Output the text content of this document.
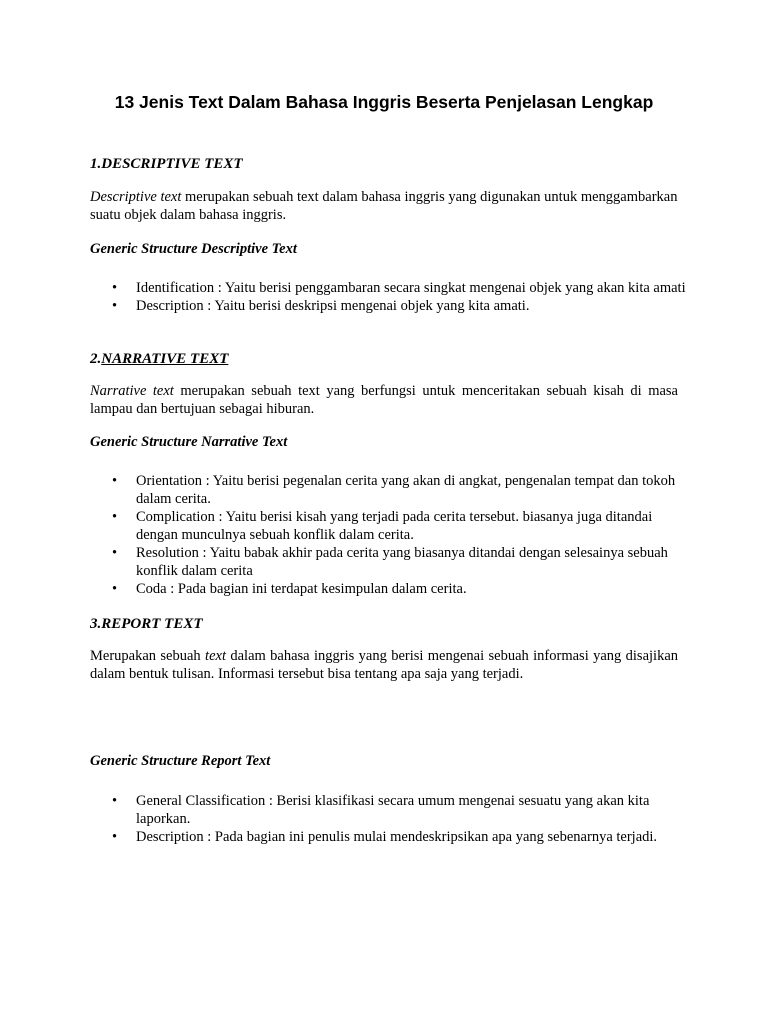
13 Jenis Text Dalam Bahasa Inggris Beserta Penjelasan Lengkap
1.DESCRIPTIVE TEXT

Descriptive text merupakan sebuah text dalam bahasa inggris yang digunakan untuk menggambarkan suatu objek dalam bahasa inggris.

Generic Structure Descriptive Text
• Identification : Yaitu berisi penggambaran secara singkat mengenai objek yang akan kita amati
• Description : Yaitu berisi deskripsi mengenai objek yang kita amati.
2.NARRATIVE TEXT

Narrative text merupakan sebuah text yang berfungsi untuk menceritakan sebuah kisah di masa lampau dan bertujuan sebagai hiburan.

Generic Structure Narrative Text
• Orientation : Yaitu berisi pegenalan cerita yang akan di angkat, pengenalan tempat dan tokoh dalam cerita.
• Complication : Yaitu berisi kisah yang terjadi pada cerita tersebut. biasanya juga ditandai dengan munculnya sebuah konflik dalam cerita.
• Resolution : Yaitu babak akhir pada cerita yang biasanya ditandai dengan selesainya sebuah konflik dalam cerita
• Coda : Pada bagian ini terdapat kesimpulan dalam cerita.
3.REPORT TEXT

Merupakan sebuah text dalam bahasa inggris yang berisi mengenai sebuah informasi yang disajikan dalam bentuk tulisan. Informasi tersebut bisa tentang apa saja yang terjadi.

Generic Structure Report Text
• General Classification : Berisi klasifikasi secara umum mengenai sesuatu yang akan kita laporkan.
• Description : Pada bagian ini penulis mulai mendeskripsikan apa yang sebenarnya terjadi.
